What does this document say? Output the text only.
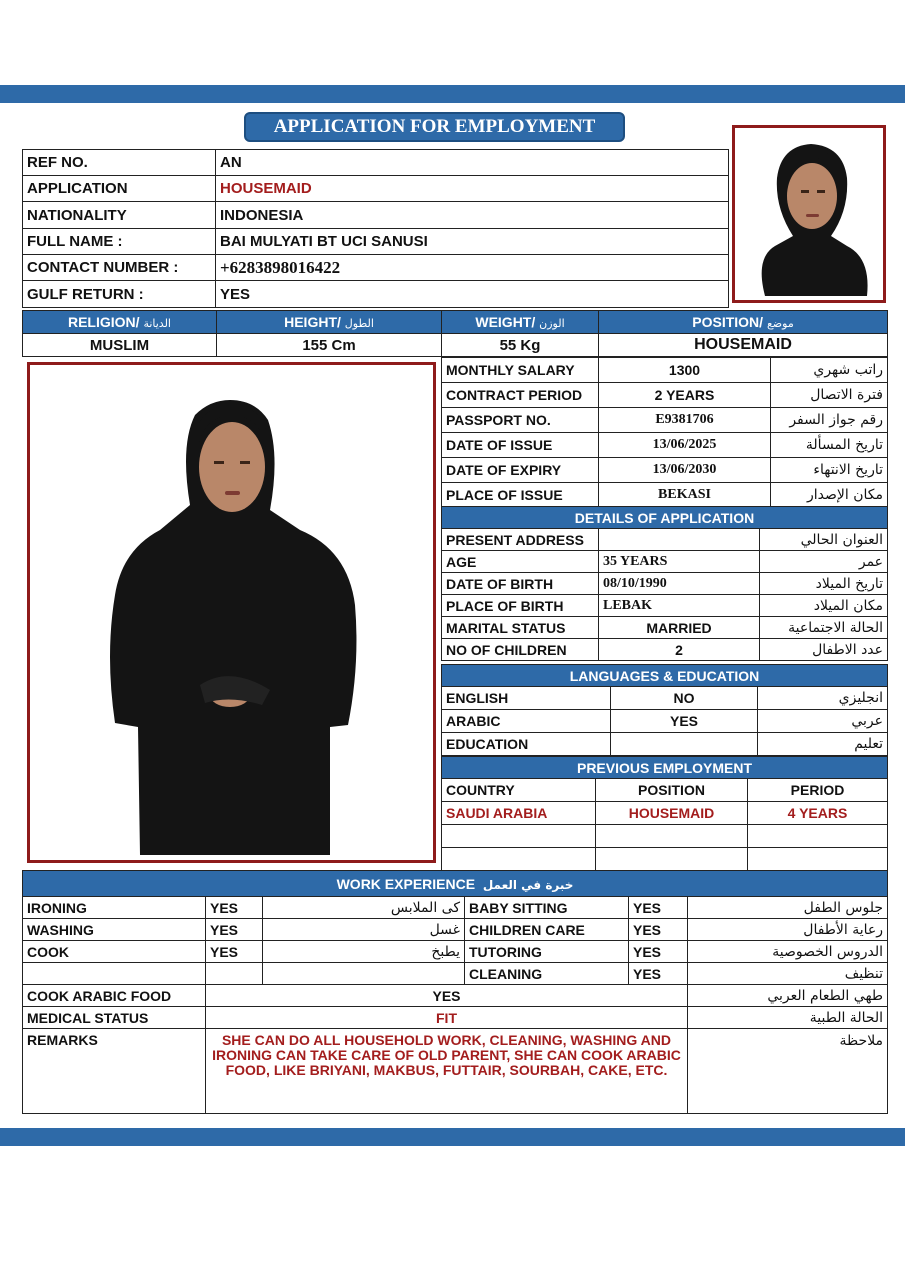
APPLICATION FOR EMPLOYMENT
REF NO.	AN
APPLICATION	HOUSEMAID
NATIONALITY	INDONESIA
FULL NAME :	BAI MULYATI BT UCI SANUSI
CONTACT NUMBER :	+6283898016422
GULF RETURN :	YES
RELIGION/ الديانة	HEIGHT/ الطول	WEIGHT/ الوزن	POSITION/ موضع
MUSLIM	155 Cm	55 Kg	HOUSEMAID
MONTHLY SALARY	1300	راتب شهري
CONTRACT PERIOD	2 YEARS	فترة الاتصال
PASSPORT NO.	E9381706	رقم جواز السفر
DATE OF ISSUE	13/06/2025	تاريخ المسألة
DATE OF EXPIRY	13/06/2030	تاريخ الانتهاء
PLACE OF ISSUE	BEKASI	مكان الإصدار
DETAILS OF APPLICATION		
PRESENT ADDRESS		العنوان الحالي
AGE	35 YEARS	عمر
DATE OF BIRTH	08/10/1990	تاريخ الميلاد
PLACE OF BIRTH	LEBAK	مكان الميلاد
MARITAL STATUS	MARRIED	الحالة الاجتماعية
NO OF CHILDREN	2	عدد الاطفال
LANGUAGES & EDUCATION		
ENGLISH	NO	انجليزي
ARABIC	YES	عربي
EDUCATION		تعليم
PREVIOUS EMPLOYMENT		
COUNTRY	POSITION	PERIOD
SAUDI ARABIA	HOUSEMAID	4 YEARS

WORK EXPERIENCE خبرة في العمل					
IRONING	YES	كى الملابس	BABY SITTING	YES	جلوس الطفل
WASHING	YES	غسل	CHILDREN CARE	YES	رعاية الأطفال
COOK	YES	يطبخ	TUTORING	YES	الدروس الخصوصية
			CLEANING	YES	تنظيف
COOK ARABIC FOOD	YES				طهي الطعام العربي
MEDICAL STATUS	FIT				الحالة الطبية
REMARKS	SHE CAN DO ALL HOUSEHOLD WORK, CLEANING, WASHING AND IRONING CAN TAKE CARE OF OLD PARENT, SHE CAN COOK ARABIC FOOD, LIKE BRIYANI, MAKBUS, FUTTAIR, SOURBAH, CAKE, ETC.				ملاحظة
